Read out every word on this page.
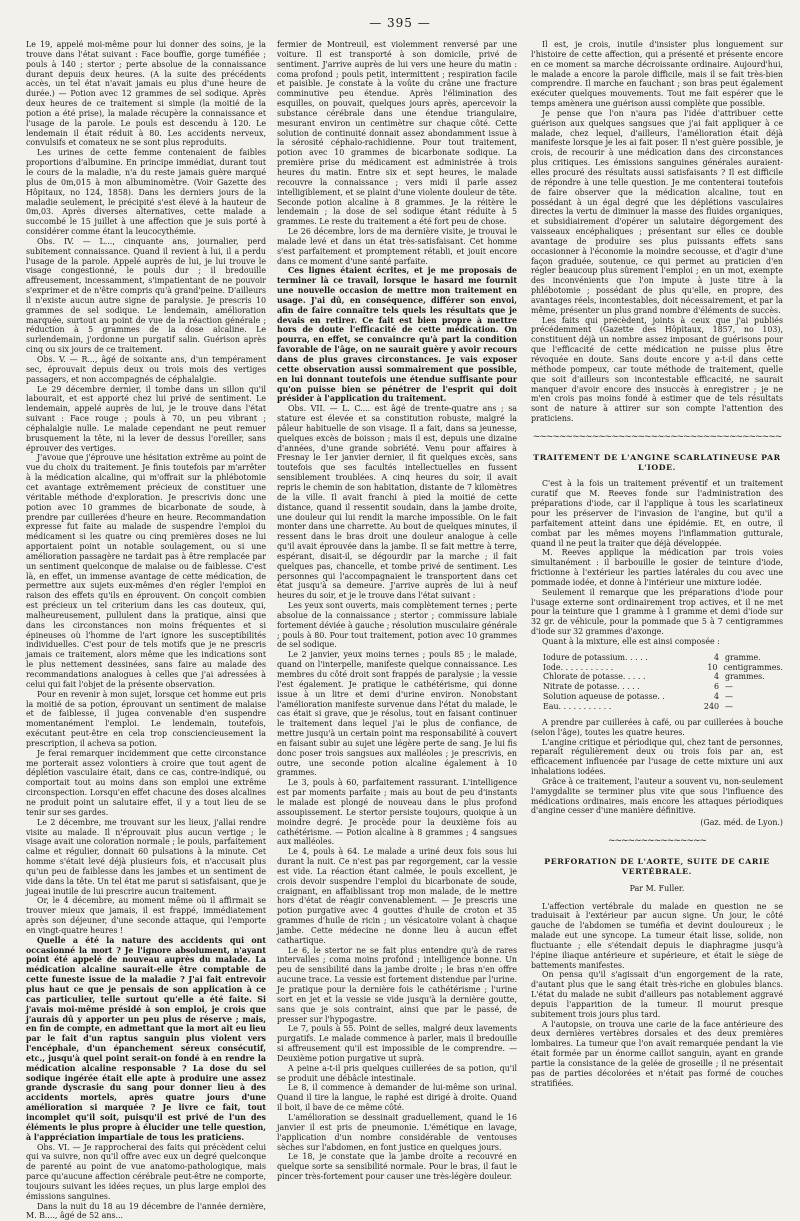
— 395 —

Le 19, appelé moi-même pour lui donner des soins, je la trouve dans l'état suivant : Face bouffie, gorge tuméfiée ; pouls à 140 ; stertor ; perte absolue de la connaissance durant depuis deux heures. (A la suite des précédents accès, un tel état n'avait jamais eu plus d'une heure de durée.) — Potion avec 12 grammes de sel sodique. Après deux heures de ce traitement si simple (la moitié de la potion a été prise), la malade récupère la connaissance et l'usage de la parole. Le pouls est descendu à 120. Le lendemain il était réduit à 80. Les accidents nerveux, convulsifs et comateux ne se sont plus reproduits.

Les urines de cette femme contenaient de faibles proportions d'albumine. En principe immédiat, durant tout le cours de la maladie, n'a du reste jamais guère marqué plus de 0m,015 à mon albuminomètre. (Voir Gazette des Hôpitaux, no 124, 1858). Dans les derniers jours de la maladie seulement, le précipité s'est élevé à la hauteur de 0m,03. Après diverses alternatives, cette malade a succombé le 15 juillet à une affection que je suis porté à considérer comme étant la leucocythémie.

Obs. IV. — L..., cinquante ans, journalier, perd subitement connaissance. Quand il revient à lui, il a perdu l'usage de la parole. Appelé auprès de lui, je lui trouve le visage congestionné, le pouls dur ; il bredouille affreusement, incessamment, s'impatientant de ne pouvoir s'exprimer et de n'être compris qu'à grand'peine. D'ailleurs il n'existe aucun autre signe de paralysie. Je prescris 10 grammes de sel sodique. Le lendemain, amélioration marquée, surtout au point de vue de la réaction générale ; réduction à 5 grammes de la dose alcaline. Le surlendemain, j'ordonne un purgatif salin. Guérison après cinq ou six jours de ce traitement.

Obs. V. — R..., âgé de soixante ans, d'un tempérament sec, éprouvait depuis deux ou trois mois des vertiges passagers, et non accompagnés de céphalalgie.

Le 29 décembre dernier, il tombe dans un sillon qu'il labourait, et est apporté chez lui privé de sentiment. Le lendemain, appelé auprès de lui, je le trouve dans l'état suivant : Face rouge ; pouls à 70, un peu vibrant ; céphalalgie nulle. Le malade cependant ne peut remuer brusquement la tête, ni la lever de dessus l'oreiller, sans éprouver des vertiges.

J'avoue que j'éprouve une hésitation extrême au point de vue du choix du traitement. Je finis toutefois par m'arrêter à la médication alcaline, qui m'offrait sur la phlébotomie cet avantage extrêmement précieux de constituer une véritable méthode d'exploration. Je prescrivis donc une potion avec 10 grammes de bicarbonate de soude, à prendre par cuillerées d'heure en heure. Recommandation expresse fut faite au malade de suspendre l'emploi du médicament si les quatre ou cinq premières doses ne lui apportaient point un notable soulagement, ou si une amélioration passagère ne tardait pas à être remplacée par un sentiment quelconque de malaise ou de faiblesse. C'est là, en effet, un immense avantage de cette médication, de permettre aux sujets eux-mêmes d'en régler l'emploi en raison des effets qu'ils en éprouvent. On conçoit combien est précieux un tel criterium dans les cas douteux, qui, malheureusement, pullulent dans la pratique, ainsi que dans les circonstances non moins fréquentes et si épineuses où l'homme de l'art ignore les susceptibilités individuelles. C'est pour de tels motifs que je ne prescris jamais ce traitement, alors même que les indications sont le plus nettement dessinées, sans faire au malade des recommandations analogues à celles que j'ai adressées à celui qui fait l'objet de la présente observation.

Pour en revenir à mon sujet, lorsque cet homme eut pris la moitié de sa potion, éprouvant un sentiment de malaise et de faiblesse, il jugea convenable d'en suspendre momentanément l'emploi. Le lendemain, toutefois, exécutant peut-être en cela trop consciencieusement la prescription, il acheva sa potion.

Je ferai remarquer incidemment que cette circonstance me porterait assez volontiers à croire que tout agent de déplétion vasculaire était, dans ce cas, contre-indiqué, ou comportait tout au moins dans son emploi une extrême circonspection. Lorsqu'en effet chacune des doses alcalines ne produit point un salutaire effet, il y a tout lieu de se tenir sur ses gardes.

Le 2 décembre, me trouvant sur les lieux, j'allai rendre visite au malade. Il n'éprouvait plus aucun vertige ; le visage avait une coloration normale ; le pouls, parfaitement calme et régulier, donnait 60 pulsations à la minute. Cet homme s'était levé déjà plusieurs fois, et n'accusait plus qu'un peu de faiblesse dans les jambes et un sentiment de vide dans la tête. Un tel état me parut si satisfaisant, que je jugeai inutile de lui prescrire aucun traitement.

Or, le 4 décembre, au moment même où il affirmait se trouver mieux que jamais, il est frappé, immédiatement après son déjeuner, d'une seconde attaque, qui l'emporte en vingt-quatre heures !

Quelle a été la nature des accidents qui ont occasionné la mort ? Je l'ignore absolument, n'ayant point été appelé de nouveau auprès du malade. La médication alcaline saurait-elle être comptable de cette funeste issue de la maladie ? J'ai fait entrevoir plus haut ce que je pensais de son application à ce cas particulier, telle surtout qu'elle a été faite. Si j'avais moi-même présidé à son emploi, je crois que j'aurais dû y apporter un peu plus de réserve ; mais, en fin de compte, en admettant que la mort ait eu lieu par le fait d'un raptus sanguin plus violent vers l'encéphale, d'un épanchement séreux consécutif, etc., jusqu'à quel point serait-on fondé à en rendre la médication alcaline responsable ? La dose du sel sodique ingérée était elle apte à produire une assez grande dyscrasie du sang pour donner lieu à des accidents mortels, après quatre jours d'une amélioration si marquée ? Je livre ce fait, tout incomplet qu'il soit, puisqu'il est privé de l'un des éléments le plus propre à élucider une telle question, à l'appréciation impartiale de tous les praticiens.

Obs. VI. — Je rapprocherai des faits qui précèdent celui qui va suivre, non qu'il offre avec eux un degré quelconque de parenté au point de vue anatomo-pathologique, mais parce qu'aucune affection cérébrale peut-être ne comporte, toujours suivant les idées reçues, un plus large emploi des émissions sanguines.

Dans la nuit du 18 au 19 décembre de l'année dernière, M. B...., âgé de 52 ans...

fermier de Montreuil, est violemment renversé par une voiture. Il est transporté à son domicile, privé de sentiment. J'arrive auprès de lui vers une heure du matin : coma profond ; pouls petit, intermittent ; respiration facile et paisible. Je constate à la voûte du crâne une fracture comminutive peu étendue. Après l'élimination des esquilles, on pouvait, quelques jours après, apercevoir la substance cérébrale dans une étendue triangulaire, mesurant environ un centimètre sur chaque côté. Cette solution de continuité donnait assez abondamment issue à la sérosité céphalo-rachidienne. Pour tout traitement, potion avec 10 grammes de bicarbonate sodique. La première prise du médicament est administrée à trois heures du matin. Entre six et sept heures, le malade recouvre la connaissance ; vers midi il parle assez intelligiblement, et se plaint d'une violente douleur de tête. Seconde potion alcaline à 8 grammes. Je la réitère le lendemain ; la dose de sel sodique étant réduite à 5 grammes. Le reste du traitement a été fort peu de chose.

Le 26 décembre, lors de ma dernière visite, je trouvai le malade levé et dans un état très-satisfaisant. Cet homme s'est parfaitement et promptement rétabli, et jouit encore dans ce moment d'une santé parfaite.

Ces lignes étaient écrites, et je me proposais de terminer là ce travail, lorsque le hasard me fournit une nouvelle occasion de mettre mon traitement en usage. J'ai dû, en conséquence, différer son envoi, afin de faire connaître tels quels les résultats que je devais en retirer. Ce fait est bien propre à mettre hors de doute l'efficacité de cette médication. On pourra, en effet, se convaincre qu'à part la condition favorable de l'âge, on ne saurait guère y avoir recours dans de plus graves circonstances. Je vais exposer cette observation aussi sommairement que possible, en lui donnant toutefois une étendue suffisante pour qu'on puisse bien se pénétrer de l'esprit qui doit présider à l'application du traitement.

Obs. VII. — L. C.... est âgé de trente-quatre ans ; sa stature est élevée et sa constitution robuste, malgré la pâleur habituelle de son visage. Il a fait, dans sa jeunesse, quelques excès de boisson ; mais il est, depuis une dizaine d'années, d'une grande sobriété. Venu pour affaires à Fresnay le 1er janvier dernier, il fit quelques excès, sans toutefois que ses facultés intellectuelles en fussent sensiblement troublées. A cinq heures du soir, il avait repris le chemin de son habitation, distante de 7 kilomètres de la ville. Il avait franchi à pied la moitié de cette distance, quand il ressentit soudain, dans la jambe droite, une douleur qui lui rendit la marche impossible. On le fait monter dans une charrette. Au bout de quelques minutes, il ressent dans le bras droit une douleur analogue à celle qu'il avait éprouvée dans la jambe. Il se fait mettre à terre, espérant, disait-il, se dégourdir par la marche ; il fait quelques pas, chancelle, et tombe privé de sentiment. Les personnes qui l'accompagnaient le transportent dans cet état jusqu'à sa demeure. J'arrive auprès de lui à neuf heures du soir, et je le trouve dans l'état suivant :

Les yeux sont ouverts, mais complètement ternes ; perte absolue de la connaissance ; stertor ; commissure labiale fortement déviée à gauche ; résolution musculaire générale ; pouls à 80. Pour tout traitement, potion avec 10 grammes de sel sodique.

Le 2 janvier, yeux moins ternes ; pouls 85 ; le malade, quand on l'interpelle, manifeste quelque connaissance. Les membres du côté droit sont frappés de paralysie ; la vessie l'est également. Je pratique le cathétérisme, qui donne issue à un litre et demi d'urine environ. Nonobstant l'amélioration manifeste survenue dans l'état du malade, le cas était si grave, que je résolus, tout en faisant continuer le traitement dans lequel j'ai le plus de confiance, de mettre jusqu'à un certain point ma responsabilité à couvert en faisant subir au sujet une légère perte de sang. Je lui fis donc poser trois sangsues aux malléoles ; je prescrivis, en outre, une seconde potion alcaline également à 10 grammes.

Le 3, pouls à 60, parfaitement rassurant. L'intelligence est par moments parfaite ; mais au bout de peu d'instants le malade est plongé de nouveau dans le plus profond assoupissement. Le stertor persiste toujours, quoique à un moindre degré. Je procède pour la deuxième fois au cathétérisme. — Potion alcaline à 8 grammes ; 4 sangsues aux malléoles.

Le 4, pouls à 64. Le malade a uriné deux fois sous lui durant la nuit. Ce n'est pas par regorgement, car la vessie est vide. La réaction étant calmée, le pouls excellent, je crois devoir suspendre l'emploi du bicarbonate de soude, craignant, en affaiblissant trop mon malade, de le mettre hors d'état de réagir convenablement. — Je prescris une potion purgative avec 4 gouttes d'huile de croton et 35 grammes d'huile de ricin ; un vésicatoire volant à chaque jambe. Cette médecine ne donne lieu à aucun effet cathartique.

Le 6, le stertor ne se fait plus entendre qu'à de rares intervalles ; coma moins profond ; intelligence bonne. Un peu de sensibilité dans la jambe droite ; le bras n'en offre aucune trace. La vessie est fortement distendue par l'urine. Je pratique pour la dernière fois le cathétérisme ; l'urine sort en jet et la vessie se vide jusqu'à la dernière goutte, sans que je sois contraint, ainsi que par le passé, de presser sur l'hypogastre.

Le 7, pouls à 55. Point de selles, malgré deux lavements purgatifs. Le malade commence à parler, mais il bredouille si affreusement qu'il est impossible de le comprendre. — Deuxième potion purgative ut suprà.

A peine a-t-il pris quelques cuillerées de sa potion, qu'il se produit une débâcle intestinale.

Le 8, il commence à demander de lui-même son urinal. Quand il tire la langue, le raphé est dirigé à droite. Quand il boit, il bave de ce même côté.

L'amélioration se dessinait graduellement, quand le 16 janvier il est pris de pneumonie. L'émétique en lavage, l'application d'un nombre considérable de ventouses sèches sur l'abdomen, en font justice en quelques jours.

Le 18, je constate que la jambe droite a recouvré en quelque sorte sa sensibilité normale. Pour le bras, il faut le pincer très-fortement pour causer une très-légère douleur.

Il est, je crois, inutile d'insister plus longuement sur l'histoire de cette affection, qui a présenté et présente encore en ce moment sa marche décroissante ordinaire. Aujourd'hui, le malade a encore la parole difficile, mais il se fait très-bien comprendre. Il marche en fauchant ; son bras peut également exécuter quelques mouvements. Tout me fait espérer que le temps amènera une guérison aussi complète que possible.

Je pense que l'on n'aura pas l'idée d'attribuer cette guérison aux quelques sangsues que j'ai fait appliquer à ce malade, chez lequel, d'ailleurs, l'amélioration était déjà manifeste lorsque je les ai fait poser. Il n'est guère possible, je crois, de recourir à une médication dans des circonstances plus critiques. Les émissions sanguines générales auraient-elles procuré des résultats aussi satisfaisants ? Il est difficile de répondre à une telle question. Je me contenterai toutefois de faire observer que la médication alcaline, tout en possédant à un égal degré que les déplétions vasculaires directes la vertu de diminuer la masse des fluides organiques, et subsidiairement d'opérer un salutaire dégorgement des vaisseaux encéphaliques ; présentant sur elles ce double avantage de produire ses plus puissants effets sans occasionner à l'économie la moindre secousse, et d'agir d'une façon graduée, soutenue, ce qui permet au praticien d'en régler beaucoup plus sûrement l'emploi ; en un mot, exempte des inconvénients que l'on impute à juste titre à la phlébotomie ; possédant de plus qu'elle, en propre, des avantages réels, incontestables, doit nécessairement, et par la même, présenter un plus grand nombre d'éléments de succès.

Les faits qui précèdent, joints à ceux que j'ai publiés précédemment (Gazette des Hôpitaux, 1857, no 103), constituent déjà un nombre assez imposant de guérisons pour que l'efficacité de cette médication ne puisse plus être révoquée en doute. Sans doute encore y a-t-il dans cette méthode pompeux, car toute méthode de traitement, quelle que soit d'ailleurs son incontestable efficacité, ne saurait manquer d'avoir encore des insuccès à enregistrer ; je ne m'en crois pas moins fondé à estimer que de tels résultats sont de nature à attirer sur son compte l'attention des praticiens.

~~~~~~~~~~~~~~~~~~~~~~~~~~~~~~~~~~~~~~
TRAITEMENT DE L'ANGINE SCARLATINEUSE PAR L'IODE.

C'est à la fois un traitement préventif et un traitement curatif que M. Reeves fonde sur l'administration des préparations d'iode, car il l'applique à tous les scarlatineux pour les préserver de l'invasion de l'angine, but qu'il a parfaitement atteint dans une épidémie. Et, en outre, il combat par les mêmes moyens l'inflammation gutturale, quand il ne peut la traiter que déjà développée.

M. Reeves applique la médication par trois voies simultanément : il barbouille le gosier de teinture d'iode, frictionne à l'extérieur les parties latérales du cou avec une pommade iodée, et donne à l'intérieur une mixture iodée.

Seulement il remarque que les préparations d'iode pour l'usage externe sont ordinairement trop actives, et il ne met pour la teinture que 1 gramme à 1 gramme et demi d'iode sur 32 gr. de véhicule, pour la pommade que 5 à 7 centigrammes d'iode sur 32 grammes d'axonge.

Quant à la mixture, elle est ainsi composée :

Iodure de potassium. . . . .	4 gramme.
Iode. . . . . . . . . . .	10 centigrammes.
Chlorate de potasse. . . . .	4 grammes.
Nitrate de potasse. . . . .	6 —
Solution aqueuse de potasse. .	4 —
Eau. . . . . . . . . . .	240 —

A prendre par cuillerées à café, ou par cuillerées à bouche (selon l'âge), toutes les quatre heures.

L'angine critique et périodique qui, chez tant de personnes, reparaît régulièrement deux ou trois fois par an, est efficacement influencée par l'usage de cette mixture uni aux inhalations iodées.

Grâce à ce traitement, l'auteur a souvent vu, non-seulement l'amygdalite se terminer plus vite que sous l'influence des médications ordinaires, mais encore les attaques périodiques d'angine cesser d'une manière définitive.

(Gaz. méd. de Lyon.)
~~~~~~~~~~~~~~~
PERFORATION DE L'AORTE, SUITE DE CARIE VERTÉBRALE.
Par M. Fuller.

L'affection vertébrale du malade en question ne se traduisait à l'extérieur par aucun signe. Un jour, le côté gauche de l'abdomen se tuméfia et devint douloureux ; le malade eut une syncope. La tumeur était lisse, solide, non fluctuante ; elle s'étendait depuis le diaphragme jusqu'à l'épine iliaque antérieure et supérieure, et était le siège de battements manifestes.

On pensa qu'il s'agissait d'un engorgement de la rate, d'autant plus que le sang était très-riche en globules blancs. L'état du malade ne subit d'ailleurs pas notablement aggravé depuis l'apparition de la tumeur. Il mourut presque subitement trois jours plus tard.

A l'autopsie, on trouva une carie de la face antérieure des deux dernières vertèbres dorsales et des deux premières lombaires. La tumeur que l'on avait remarquée pendant la vie était formée par un énorme caillot sanguin, ayant en grande partie la consistance de la gelée de groseille ; il ne présentait pas de parties décolorées et n'était pas formé de couches stratifiées.
